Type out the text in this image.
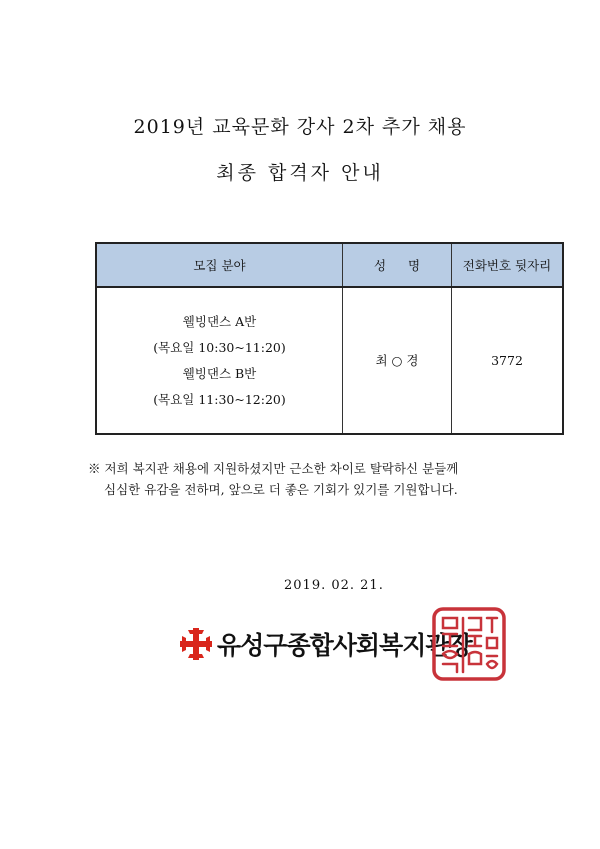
2019년 교육문화 강사 2차 추가 채용
최종 합격자 안내
모집 분야	성 명	전화번호 뒷자리

웰빙댄스 A반
(목요일 10:30~11:20)
웰빙댄스 B반
(목요일 11:30~12:20)	최 ○ 경	3772
※ 저희 복지관 채용에 지원하셨지만 근소한 차이로 탈락하신 분들께
심심한 유감을 전하며, 앞으로 더 좋은 기회가 있기를 기원합니다.
2019. 02. 21.
유성구종합사회복지관장
